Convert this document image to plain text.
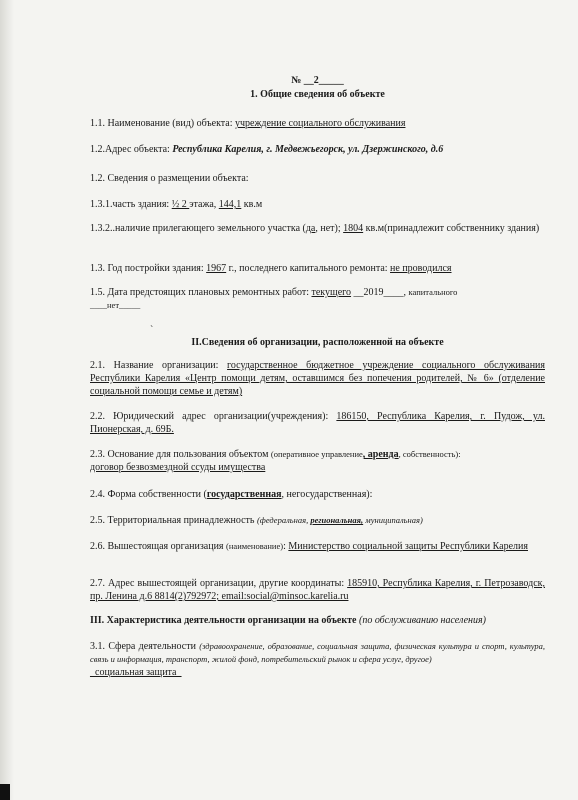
№ __2_____
1. Общие сведения об объекте
1.1. Наименование (вид) объекта: учреждение социального обслуживания
1.2.Адрес объекта: Республика Карелия, г. Медвежьегорск, ул. Дзержинского, д.6
1.2. Сведения о размещении объекта:
1.3.1.часть здания: ½ 2 этажа, 144,1 кв.м
1.3.2..наличие прилегающего земельного участка (да, нет); 1804 кв.м(принадлежит собственнику здания)
1.3. Год постройки здания: 1967 г., последнего капитального ремонта: не проводился
1.5. Дата предстоящих плановых ремонтных работ: текущего __2019____, капитального
____нет_____
`
II.Сведения об организации, расположенной на объекте
2.1. Название организации: государственное бюджетное учреждение социального обслуживания Республики Карелия «Центр помощи детям, оставшимся без попечения родителей, № 6» (отделение социальной помощи семье и детям)
2.2. Юридический адрес организации(учреждения): 186150, Республика Карелия, г. Пудож, ул. Пионерская, д. 69Б.
2.3. Основание для пользования объектом (оперативное управление, аренда, собственность):
договор безвозмездной ссуды имущества
2.4. Форма собственности (государственная, негосударственная):
2.5. Территориальная принадлежность (федеральная, региональная, муниципальная)
2.6. Вышестоящая организация (наименование): Министерство социальной защиты Республики Карелия
2.7. Адрес вышестоящей организации, другие координаты: 185910, Республика Карелия, г. Петрозаводск, пр. Ленина д.6 8814(2)792972; email:social@minsoc.karelia.ru
III. Характеристика деятельности организации на объекте (по обслуживанию населения)
3.1. Сфера деятельности (здравоохранение, образование, социальная защита, физическая культура и спорт, культура, связь и информация, транспорт, жилой фонд, потребительский рынок и сфера услуг, другое)
_социальная защита_
